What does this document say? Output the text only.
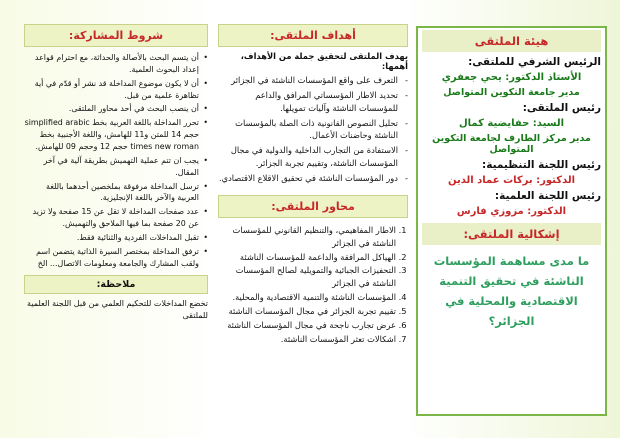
هيئة الملتقى
الرئيس الشرفي للملتقى:
الأستاذ الدكتور: يحي جعفري
مدير جامعة التكوين المتواصل
رئيس الملتقى:
السيد: حفايضية كمال
مدير مركز الطارف لجامعة التكوين المتواصل
رئيس اللجنة التنظيمية:
الدكتور: بركات عماد الدين
رئيس اللجنة العلمية:
الدكتور: مزوزي فارس
إشكالية الملتقى:
ما مدى مساهمة المؤسسات الناشئة في تحقيق التنمية الاقتصادية والمحلية في الجزائر؟
أهداف الملتقى:
يهدف الملتقى لتحقيق جملة من الأهداف، أهمها:
- التعرف على واقع المؤسسات الناشئة في الجزائر
- تحديد الاطار المؤسساتي المرافق والداعم للمؤسسات الناشئة وآليات تمويلها.
- تحليل النصوص القانونية ذات الصلة بالمؤسسات الناشئة وحاضنات الأعمال.
- الاستفادة من التجارب الداخلية والدولية في مجال المؤسسات الناشئة، وتقييم تجربة الجزائر.
- دور المؤسسات الناشئة في تحقيق الاقلاع الاقتصادي.
محاور الملتقى:
1. الاطار المفاهيمي، والتنظيم القانوني للمؤسسات الناشئة في الجزائر
2. الهياكل المرافقة والداعمة للمؤسسات الناشئة
3. التحفيزات الجبائية والتمويلية لصالح المؤسسات الناشئة في الجزائر
4. المؤسسات الناشئة والتنمية الاقتصادية والمحلية.
5. تقييم تجربة الجزائر في مجال المؤسسات الناشئة
6. عرض تجارب ناجحة في مجال المؤسسات الناشئة
7. اشكالات تعثر المؤسسات الناشئة.
شروط المشاركة:
• أن يتسم البحث بالأصالة والحداثة، مع احترام قواعد إعداد البحوث العلمية.
• أن لا يكون موضوع المداخلة قد نشر أو قدّم في أية تظاهرة علمية من قبل.
• أن ينصب البحث في أحد محاور الملتقى.
• تحرر المداخلة باللغة العربية بخط simplified arabic حجم 14 للمتن و11 للهامش، واللغة الأجنبية بخط times new roman حجم 12 وحجم 09 للهامش.
• يجب ان تتم عملية التهميش بطريقة آلية في آخر المقال.
• ترسل المداخلة مرفوقة بملخصين أحدهما باللغة العربية والآخر باللغة الإنجليزية.
• عدد صفحات المداخلة لا تقل عن 15 صفحة ولا تزيد عن 20 صفحة بما فيها الملاحق والتهميش.
• تقبل المداخلات الفردية والثنائية فقط.
• ترفق المداخلة بمختصر السيرة الذاتية يتضمن اسم ولقب المشارك والجامعة ومعلومات الاتصال... الخ
ملاحظة:
تخضع المداخلات للتحكيم العلمي من قبل اللجنة العلمية للملتقى
